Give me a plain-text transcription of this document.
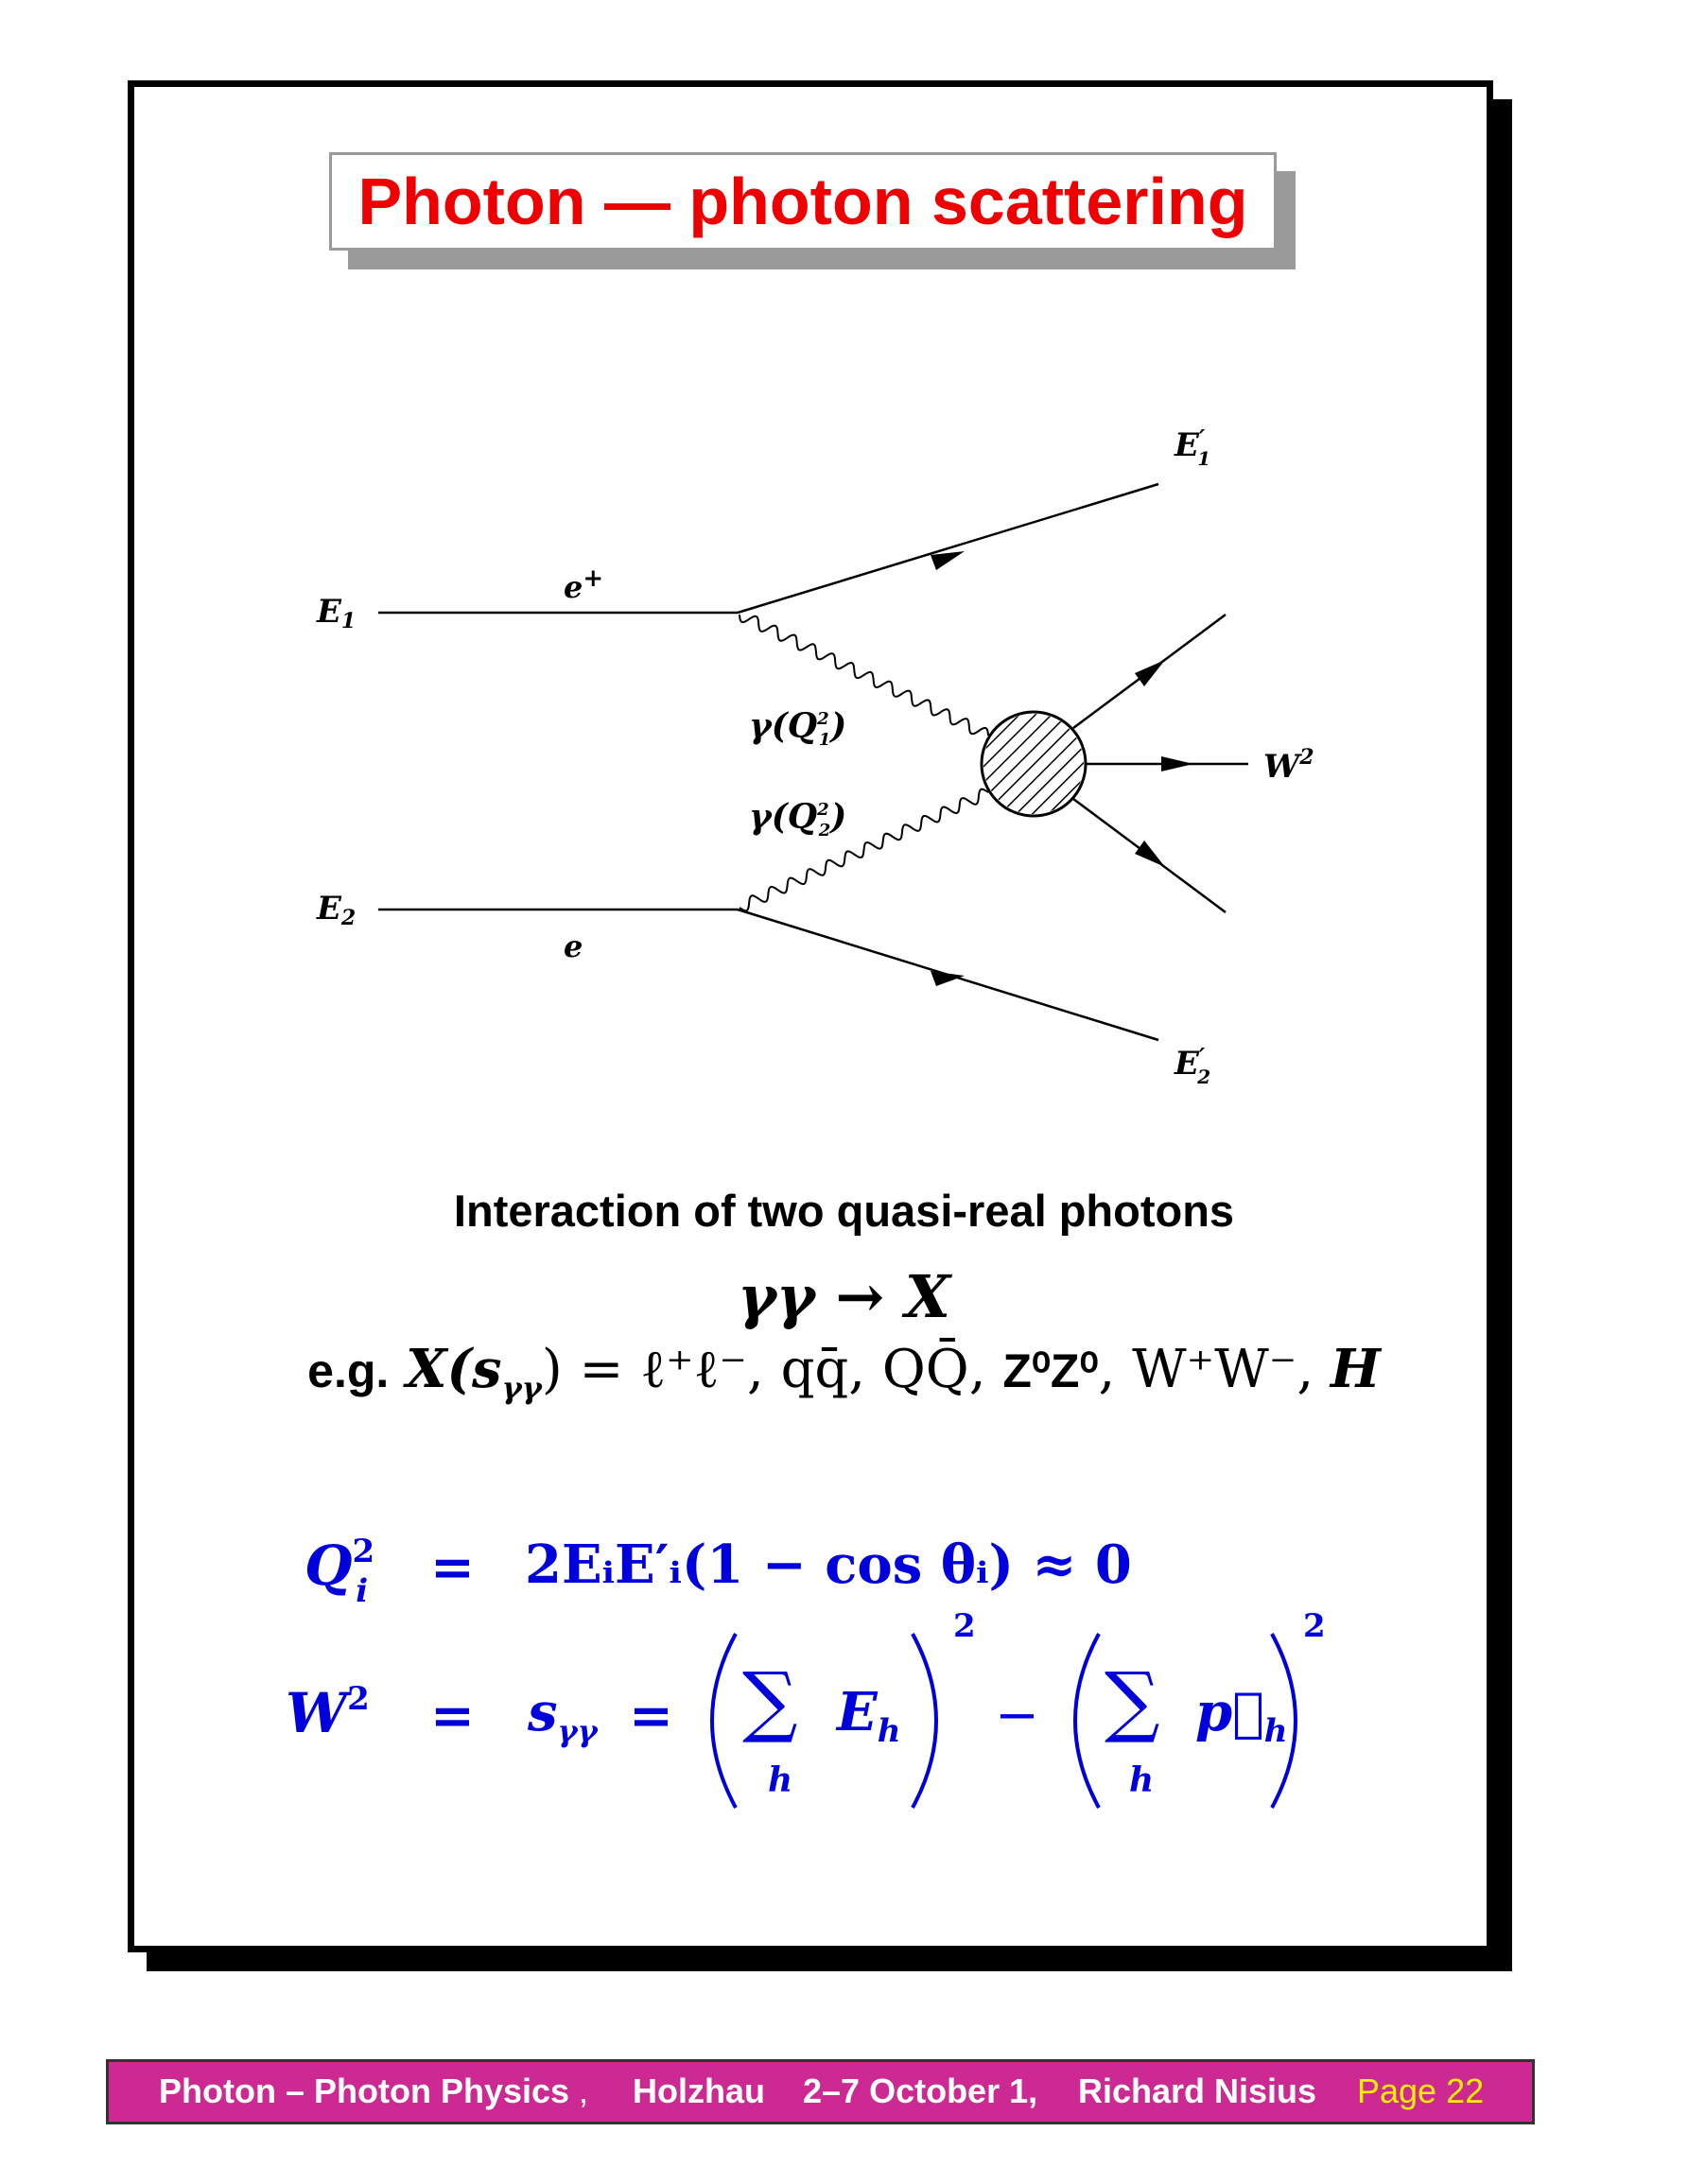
Photon — photon scattering
E1
E2
E′ 1
E′ 2
e+
e
$\gamma(Q^2$ 1)
$\gamma(Q^2$ 2)
$W^2$
Interaction of two quasi-real photons
γγ → X
e.g. $X(s_{\gamma\gamma})$ = ℓ⁺ℓ⁻, qq̄, QQ̄, Z⁰Z⁰, W⁺W⁻, H
$Q^2_i$	= 2EᵢE′ᵢ(1 − cos θᵢ) ≈ 0
$W^2 = s_{\gamma\gamma}$ = ∑
h
$E_h$
2
− ∑
h
$p⃗_h$
2
Photon – Photon Physics , Holzhau 2–7 October 1, Richard Nisius Page 22
